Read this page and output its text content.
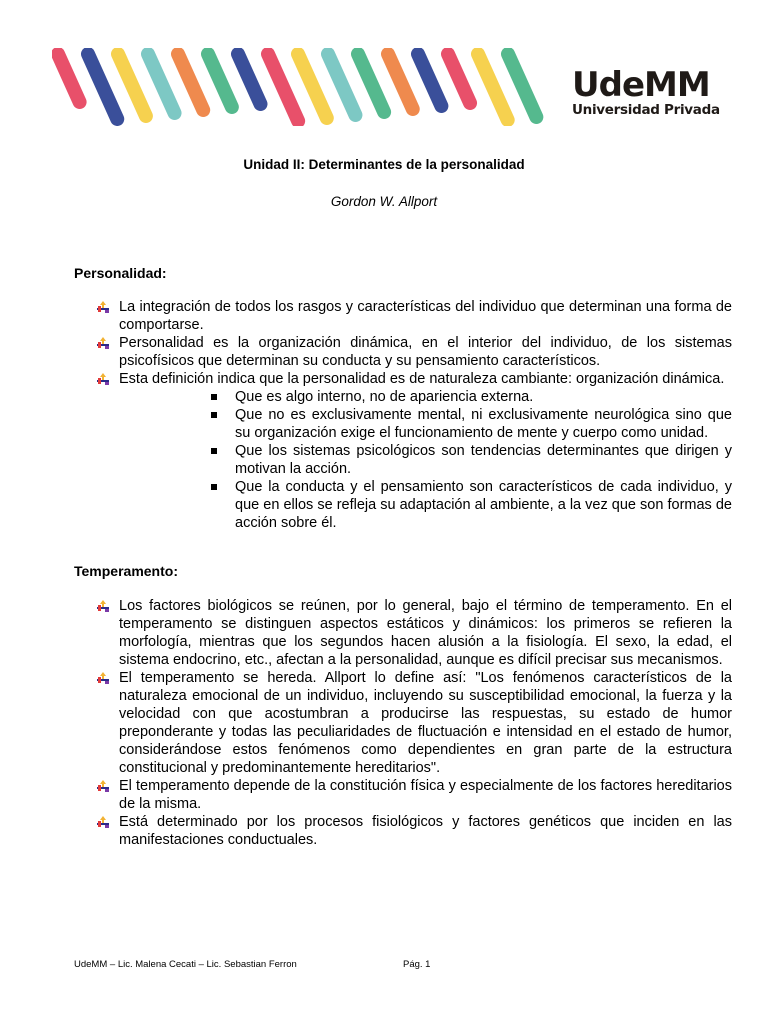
UdeMM
Universidad Privada
Unidad II: Determinantes de la personalidad
Gordon W. Allport
Personalidad:
La integración de todos los rasgos y características del individuo que determinan una forma de comportarse.
Personalidad es la organización dinámica, en el interior del individuo, de los sistemas psicofísicos que determinan su conducta y su pensamiento característicos.
Esta definición indica que la personalidad es de naturaleza cambiante: organización dinámica.
Que es algo interno, no de apariencia externa.
Que no es exclusivamente mental, ni exclusivamente neurológica sino que su organización exige el funcionamiento de mente y cuerpo como unidad.
Que los sistemas psicológicos son tendencias determinantes que dirigen y motivan la acción.
Que la conducta y el pensamiento son característicos de cada individuo, y que en ellos se refleja su adaptación al ambiente, a la vez que son formas de acción sobre él.
Temperamento:
Los factores biológicos se reúnen, por lo general, bajo el término de temperamento. En el temperamento se distinguen aspectos estáticos y dinámicos: los primeros se refieren la morfología, mientras que los segundos hacen alusión a la fisiología. El sexo, la edad, el sistema endocrino, etc., afectan a la personalidad, aunque es difícil precisar sus mecanismos.
El temperamento se hereda. Allport lo define así: "Los fenómenos característicos de la naturaleza emocional de un individuo, incluyendo su susceptibilidad emocional, la fuerza y la velocidad con que acostumbran a producirse las respuestas, su estado de humor preponderante y todas las peculiaridades de fluctuación e intensidad en el estado de humor, considerándose estos fenómenos como dependientes en gran parte de la estructura constitucional y predominantemente hereditarios".
El temperamento depende de la constitución física y especialmente de los factores hereditarios de la misma.
Está determinado por los procesos fisiológicos y factores genéticos que inciden en las manifestaciones conductuales.
UdeMM – Lic. Malena Cecati – Lic. Sebastian Ferron	Pág. 1
